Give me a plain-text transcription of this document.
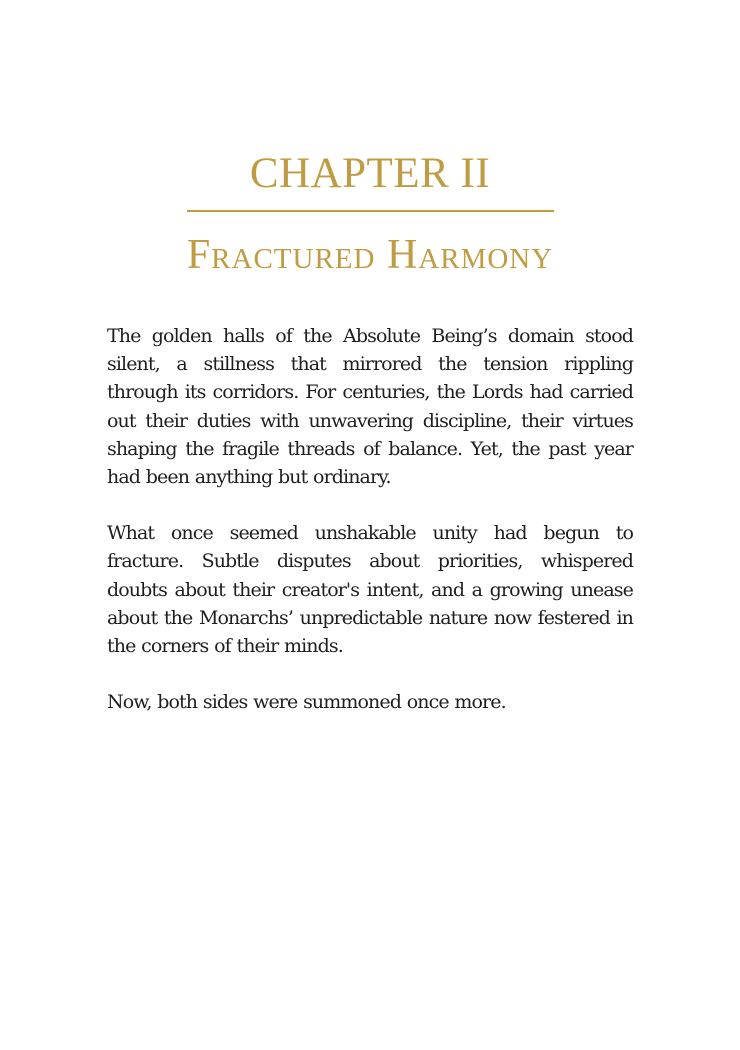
CHAPTER II
Fractured Harmony

The golden halls of the Absolute Being’s domain stood silent, a stillness that mirrored the tension rippling through its corridors. For centuries, the Lords had carried out their duties with unwavering discipline, their virtues shaping the fragile threads of balance. Yet, the past year had been anything but ordinary.

What once seemed unshakable unity had begun to fracture. Subtle disputes about priorities, whispered doubts about their creator's intent, and a growing unease about the Monarchs’ unpredictable nature now festered in the corners of their minds.

Now, both sides were summoned once more.
